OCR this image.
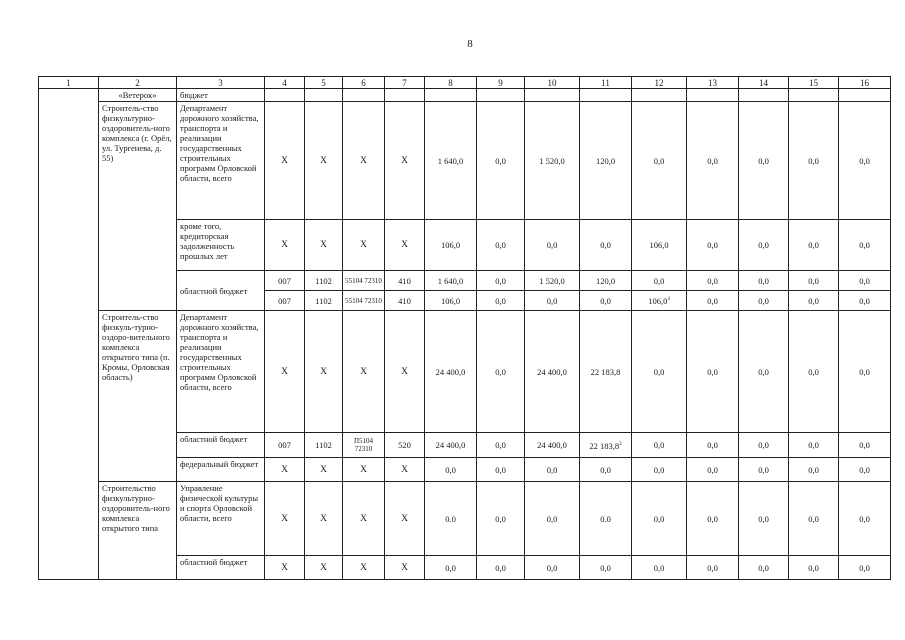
8
1	2	3	4	5	6	7	8	9	10	11	12	13	14	15	16
	«Ветерок»	бюджет													
	Строитель-ство физкультурно-оздоровитель-ного комплекса (г. Орёл, ул. Тургенева, д. 55)	Департамент дорожного хозяйства, транспорта и реализации государственных строительных программ Орловской области, всего	X	X	X	X	1 640,0	0,0	1 520,0	120,0	0,0	0,0	0,0	0,0	0,0
		кроме того, кредиторская задолженность прошлых лет	X	X	X	X	106,0	0,0	0,0	0,0	106,0	0,0	0,0	0,0	0,0
		областной бюджет	007	1102	55104 72310	410	1 640,0	0,0	1 520,0	120,0	0,0	0,0	0,0	0,0	0,0
			007	1102	55104 72310	410	106,0	0,0	0,0	0,0	106,0$^4$	0,0	0,0	0,0	0,0
	Строитель-ство физкуль-турно-оздоро-вительного комплекса открытого типа (п. Кромы, Орловская область)	Департамент дорожного хозяйства, транспорта и реализации государственных строительных программ Орловской области, всего	X	X	X	X	24 400,0	0,0	24 400,0	22 183,8	0,0	0,0	0,0	0,0	0,0
		областной бюджет	007	1102	П5104 72310	520	24 400,0	0,0	24 400,0	22 183,8$^3$	0,0	0,0	0,0	0,0	0,0
		федеральный бюджет	X	X	X	X	0,0	0,0	0,0	0,0	0,0	0,0	0,0	0,0	0,0
	Строительство физкультурно-оздоровитель-ного комплекса открытого типа	Управление физической культуры и спорта Орловской области, всего	X	X	X	X	0.0	0,0	0,0	0.0	0,0	0,0	0,0	0,0	0,0
		областной бюджет	X	X	X	X	0,0	0,0	0,0	0,0	0,0	0,0	0,0	0,0	0,0
